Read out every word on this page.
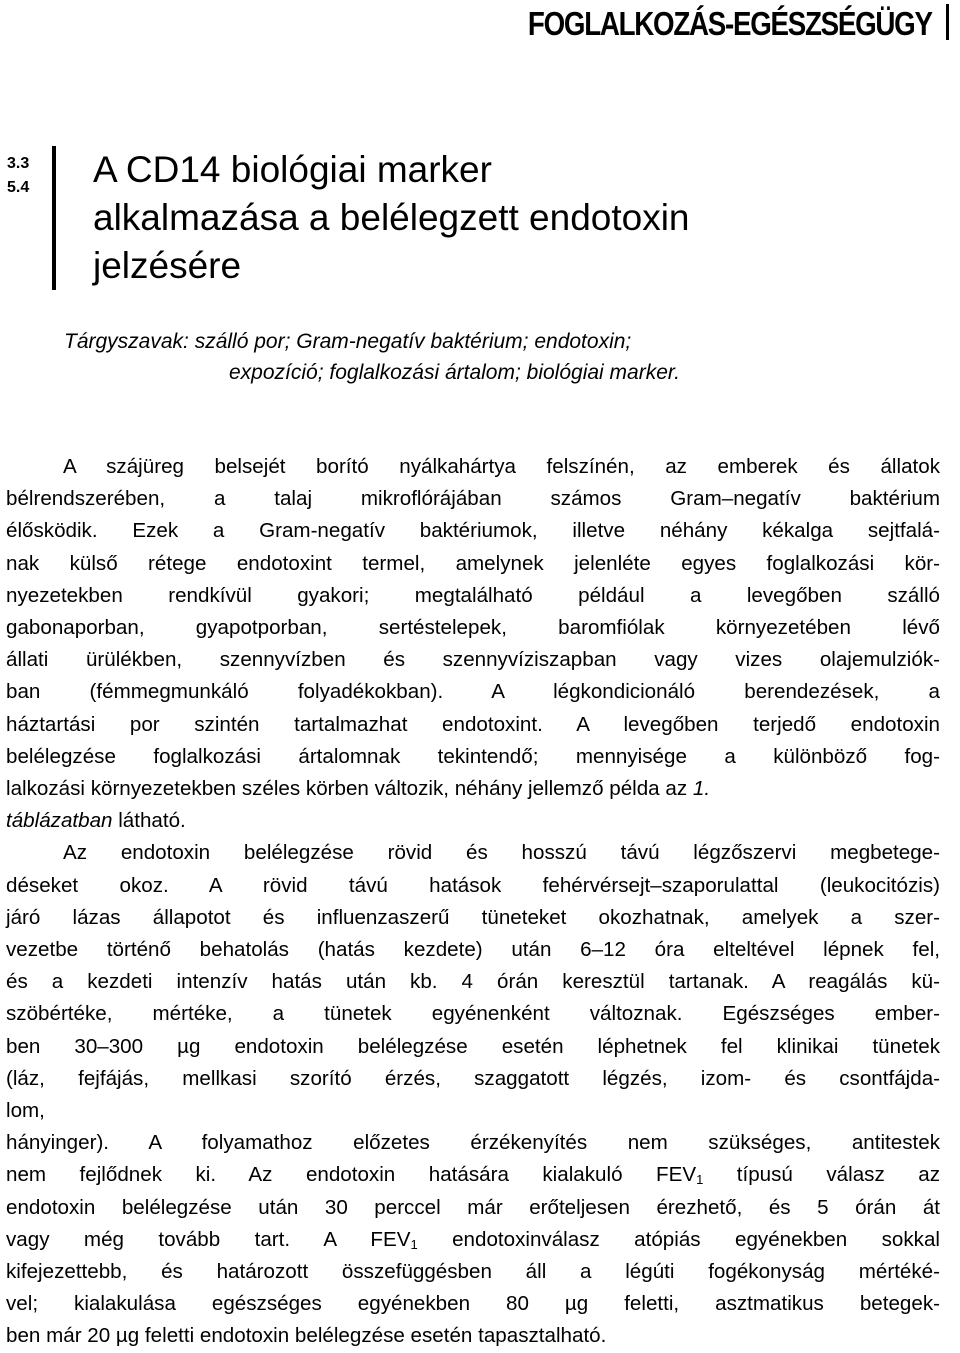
FOGLALKOZÁS-EGÉSZSÉGÜGY
3.3
5.4	A CD14 biológiai marker
alkalmazása a belélegzett endotoxin
jelzésére
Tárgyszavak: szálló por; Gram-negatív baktérium; endotoxin;
expozíció; foglalkozási ártalom; biológiai marker.
A szájüreg belsejét borító nyálkahártya felszínén, az emberek és állatok
bélrendszerében, a talaj mikroflórájában számos Gram–negatív baktérium
élősködik. Ezek a Gram-negatív baktériumok, illetve néhány kékalga sejtfalá-
nak külső rétege endotoxint termel, amelynek jelenléte egyes foglalkozási kör-
nyezetekben rendkívül gyakori; megtalálható például a levegőben szálló
gabonaporban, gyapotporban, sertéstelepek, baromfiólak környezetében lévő
állati ürülékben, szennyvízben és szennyvíziszapban vagy vizes olajemulziók-
ban (fémmegmunkáló folyadékokban). A légkondicionáló berendezések, a
háztartási por szintén tartalmazhat endotoxint. A levegőben terjedő endotoxin
belélegzése foglalkozási ártalomnak tekintendő; mennyisége a különböző fog-
lalkozási környezetekben széles körben változik, néhány jellemző példa az 1.
táblázatban látható.
Az endotoxin belélegzése rövid és hosszú távú légzőszervi megbetege-
déseket okoz. A rövid távú hatások fehérvérsejt–szaporulattal (leukocitózis)
járó lázas állapotot és influenzaszerű tüneteket okozhatnak, amelyek a szer-
vezetbe történő behatolás (hatás kezdete) után 6–12 óra elteltével lépnek fel,
és a kezdeti intenzív hatás után kb. 4 órán keresztül tartanak. A reagálás kü-
szöbértéke, mértéke, a tünetek egyénenként változnak. Egészséges ember-
ben 30–300 µg endotoxin belélegzése esetén léphetnek fel klinikai tünetek
(láz, fejfájás, mellkasi szorító érzés, szaggatott légzés, izom- és csontfájda-
lom,
hányinger). A folyamathoz előzetes érzékenyítés nem szükséges, antitestek
nem fejlődnek ki. Az endotoxin hatására kialakuló $FEV_1$ típusú válasz az
endotoxin belélegzése után 30 perccel már erőteljesen érezhető, és 5 órán át
vagy még tovább tart. A $FEV_1$ endotoxinválasz atópiás egyénekben sokkal
kifejezettebb, és határozott összefüggésben áll a légúti fogékonyság mértéké-
vel; kialakulása egészséges egyénekben 80 µg feletti, asztmatikus betegek-
ben már 20 µg feletti endotoxin belélegzése esetén tapasztalható.
